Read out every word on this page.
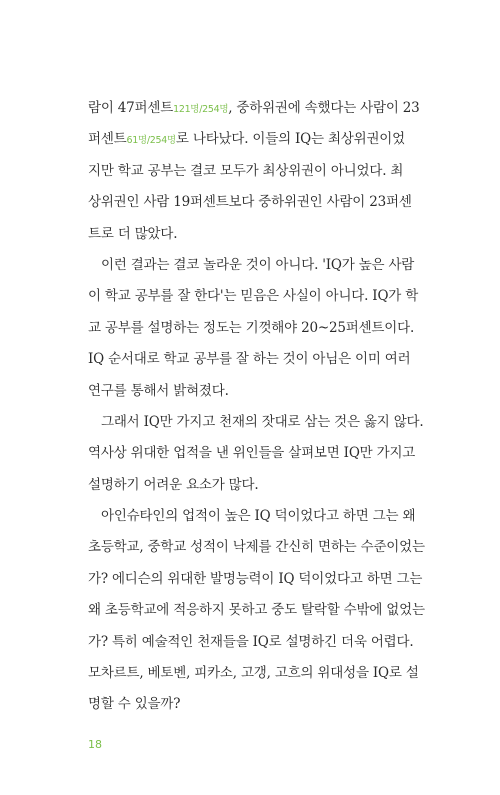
람이 47퍼센트121명/254명, 중하위권에 속했다는 사람이 23
퍼센트61명/254명로 나타났다. 이들의 IQ는 최상위권이었
지만 학교 공부는 결코 모두가 최상위권이 아니었다. 최
상위권인 사람 19퍼센트보다 중하위권인 사람이 23퍼센
트로 더 많았다.
이런 결과는 결코 놀라운 것이 아니다. 'IQ가 높은 사람
이 학교 공부를 잘 한다'는 믿음은 사실이 아니다. IQ가 학
교 공부를 설명하는 정도는 기껏해야 20~25퍼센트이다.
IQ 순서대로 학교 공부를 잘 하는 것이 아님은 이미 여러
연구를 통해서 밝혀졌다.
그래서 IQ만 가지고 천재의 잣대로 삼는 것은 옳지 않다.
역사상 위대한 업적을 낸 위인들을 살펴보면 IQ만 가지고
설명하기 어려운 요소가 많다.
아인슈타인의 업적이 높은 IQ 덕이었다고 하면 그는 왜
초등학교, 중학교 성적이 낙제를 간신히 면하는 수준이었는
가? 에디슨의 위대한 발명능력이 IQ 덕이었다고 하면 그는
왜 초등학교에 적응하지 못하고 중도 탈락할 수밖에 없었는
가? 특히 예술적인 천재들을 IQ로 설명하긴 더욱 어렵다.
모차르트, 베토벤, 피카소, 고갱, 고흐의 위대성을 IQ로 설
명할 수 있을까?
18
